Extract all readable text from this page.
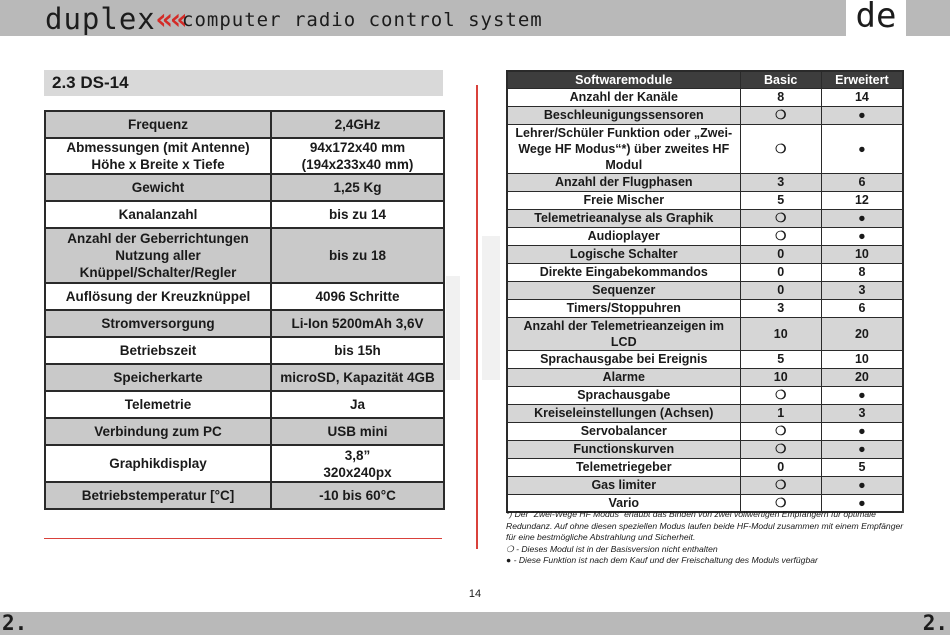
duplex««
computer radio control system	de
2.3 DS-14
Frequenz	2,4GHz
Abmessungen (mit Antenne)
Höhe x Breite x Tiefe	94x172x40 mm
(194x233x40 mm)
Gewicht	1,25 Kg
Kanalanzahl	bis zu 14
Anzahl der Geberrichtungen
Nutzung aller
Knüppel/Schalter/Regler	bis zu 18
Auflösung der Kreuzknüppel	4096 Schritte
Stromversorgung	Li-Ion 5200mAh 3,6V
Betriebszeit	bis 15h
Speicherkarte	microSD, Kapazität 4GB
Telemetrie	Ja
Verbindung zum PC	USB mini
Graphikdisplay	3,8”
320x240px
Betriebstemperatur [°C]	-10 bis 60°C
Softwaremodule	Basic	Erweitert
Anzahl der Kanäle	8	14
Beschleunigungssensoren	❍	●
Lehrer/Schüler Funktion oder „Zwei-
Wege HF Modus“*) über zweites HF
Modul	❍	●
Anzahl der Flugphasen	3	6
Freie Mischer	5	12
Telemetrieanalyse als Graphik	❍	●
Audioplayer	❍	●
Logische Schalter	0	10
Direkte Eingabekommandos	0	8
Sequenzer	0	3
Timers/Stoppuhren	3	6
Anzahl der Telemetrieanzeigen im LCD	10	20
Sprachausgabe bei Ereignis	5	10
Alarme	10	20
Sprachausgabe	❍	●
Kreiseleinstellungen (Achsen)	1	3
Servobalancer	❍	●
Functionskurven	❍	●
Telemetriegeber	0	5
Gas limiter	❍	●
Vario	❍	●
*) Der “Zwei-Wege HF Modus” erlaubt das Binden von zwei vollwertigen Empfängern für optimale Redundanz. Auf ohne diesen speziellen Modus laufen beide HF-Modul zusammen mit einem Empfänger für eine bestmögliche Abstrahlung und Sicherheit.
❍ - Dieses Modul ist in der Basisversion nicht enthalten
● - Diese Funktion ist nach dem Kauf und der Freischaltung des Moduls verfügbar
14
2.	2.
